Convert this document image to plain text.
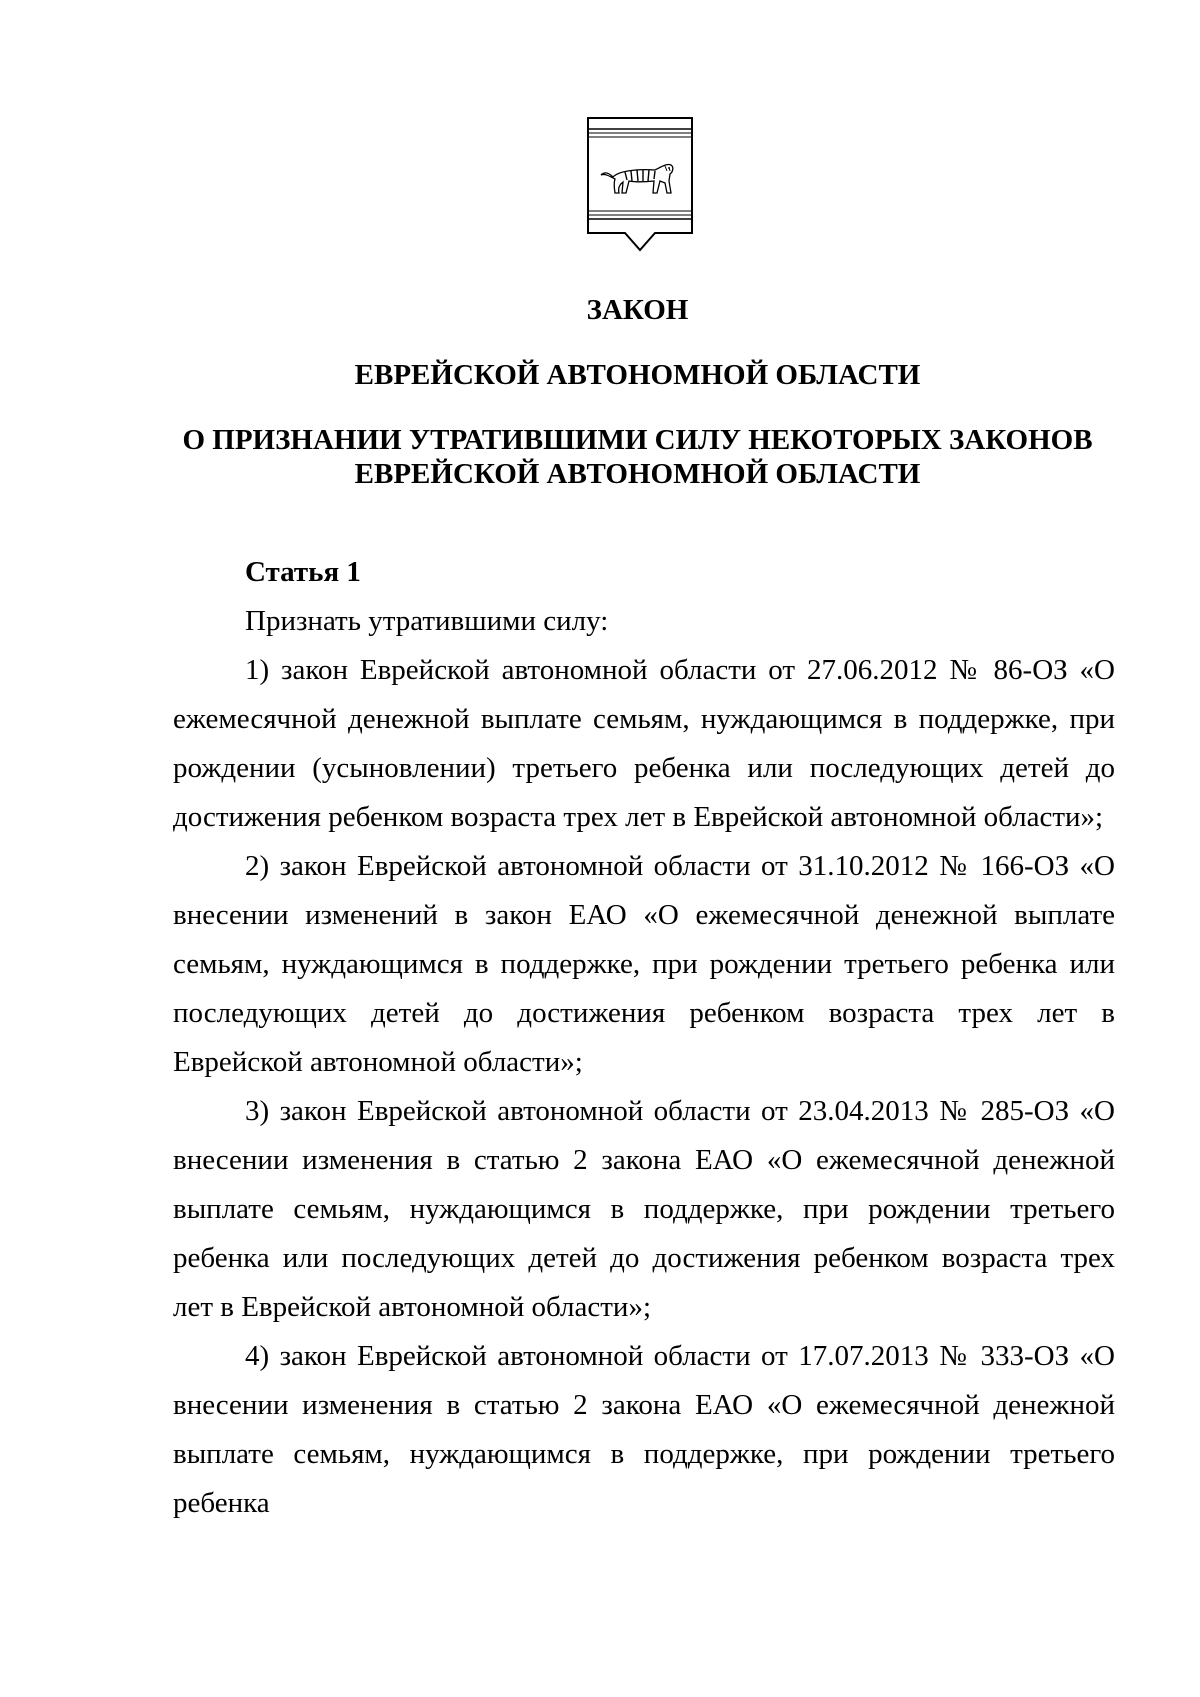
ЗАКОН
ЕВРЕЙСКОЙ АВТОНОМНОЙ ОБЛАСТИ
О ПРИЗНАНИИ УТРАТИВШИМИ СИЛУ НЕКОТОРЫХ ЗАКОНОВ
ЕВРЕЙСКОЙ АВТОНОМНОЙ ОБЛАСТИ

Статья 1

Признать утратившими силу:

1) закон Еврейской автономной области от 27.06.2012 № 86-ОЗ «О ежемесячной денежной выплате семьям, нуждающимся в поддержке, при рождении (усыновлении) третьего ребенка или последующих детей до достижения ребенком возраста трех лет в Еврейской автономной области»;

2) закон Еврейской автономной области от 31.10.2012 № 166-ОЗ «О внесении изменений в закон ЕАО «О ежемесячной денежной выплате семьям, нуждающимся в поддержке, при рождении третьего ребенка или последующих детей до достижения ребенком возраста трех лет в Еврейской автономной области»;

3) закон Еврейской автономной области от 23.04.2013 № 285-ОЗ «О внесении изменения в статью 2 закона ЕАО «О ежемесячной денежной выплате семьям, нуждающимся в поддержке, при рождении третьего ребенка или последующих детей до достижения ребенком возраста трех лет в Еврейской автономной области»;

4) закон Еврейской автономной области от 17.07.2013 № 333-ОЗ «О внесении изменения в статью 2 закона ЕАО «О ежемесячной денежной выплате семьям, нуждающимся в поддержке, при рождении третьего ребенка
